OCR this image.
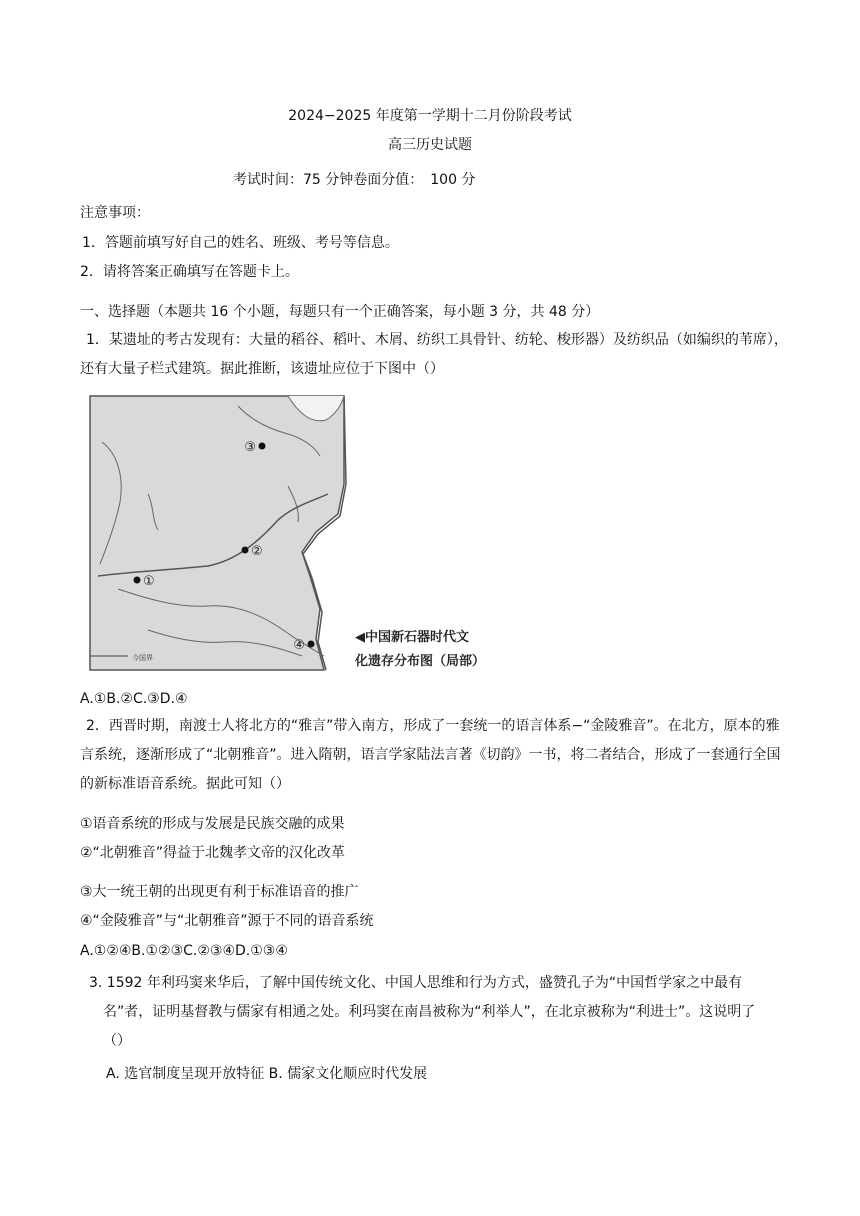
2024−2025 年度第一学期十二月份阶段考试
高三历史试题
考试时间：75 分钟卷面分值：　100 分
注意事项：
1．答题前填写好自己的姓名、班级、考号等信息。
2．请将答案正确填写在答题卡上。
一、选择题（本题共 16 个小题，每题只有一个正确答案，每小题 3 分，共 48 分）
1．某遗址的考古发现有：大量的稻谷、稻叶、木屑、纺织工具骨针、纺轮、梭形器）及纺织品（如编织的苇席），还有大量子栏式建筑。据此推断，该遗址应位于下图中（）
③
②
①
④
今国界
◀中国新石器时代文
化遗存分布图（局部）
A.①B.②C.③D.④
2．西晋时期，南渡士人将北方的“雅言”带入南方，形成了一套统一的语言体系−“金陵雅音”。在北方，原本的雅言系统，逐渐形成了“北朝雅音”。进入隋朝，语言学家陆法言著《切韵》一书，将二者结合，形成了一套通行全国的新标准语音系统。据此可知（）
①语音系统的形成与发展是民族交融的成果
②“北朝雅音”得益于北魏孝文帝的汉化改革
③大一统王朝的出现更有利于标准语音的推广
④“金陵雅音”与“北朝雅音”源于不同的语音系统
A.①②④B.①②③C.②③④D.①③④
3. 1592 年利玛窦来华后，了解中国传统文化、中国人思维和行为方式，盛赞孔子为“中国哲学家之中最有名”者，证明基督教与儒家有相通之处。利玛窦在南昌被称为“利举人”，在北京被称为“利进士”。这说明了（）
A. 选官制度呈现开放特征 B. 儒家文化顺应时代发展
